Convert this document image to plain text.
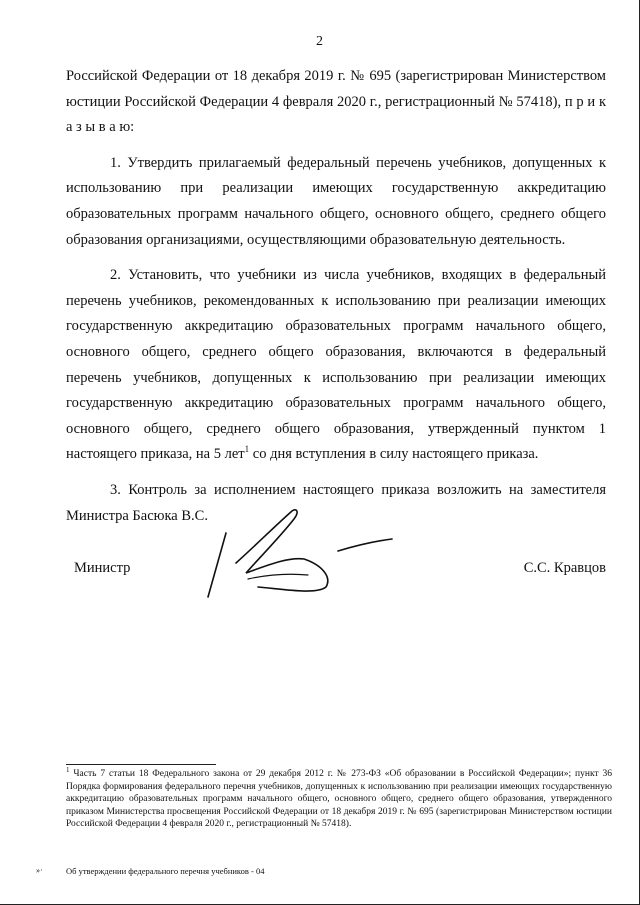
2

Российской Федерации от 18 декабря 2019 г. № 695 (зарегистрирован Министерством юстиции Российской Федерации 4 февраля 2020 г., регистрационный № 57418), п р и к а з ы в а ю:

1. Утвердить прилагаемый федеральный перечень учебников, допущенных к использованию при реализации имеющих государственную аккредитацию образовательных программ начального общего, основного общего, среднего общего образования организациями, осуществляющими образовательную деятельность.

2. Установить, что учебники из числа учебников, входящих в федеральный перечень учебников, рекомендованных к использованию при реализации имеющих государственную аккредитацию образовательных программ начального общего, основного общего, среднего общего образования, включаются в федеральный перечень учебников, допущенных к использованию при реализации имеющих государственную аккредитацию образовательных программ начального общего, основного общего, среднего общего образования, утвержденный пунктом 1 настоящего приказа, на 5 лет$^1$ со дня вступления в силу настоящего приказа.

3. Контроль за исполнением настоящего приказа возложить на заместителя Министра Басюка В.С.

Министр	С.С. Кравцов
$^1$ Часть 7 статьи 18 Федерального закона от 29 декабря 2012 г. № 273-ФЗ «Об образовании в Российской Федерации»; пункт 36 Порядка формирования федерального перечня учебников, допущенных к использованию при реализации имеющих государственную аккредитацию образовательных программ начального общего, основного общего, среднего общего образования, утвержденного приказом Министерства просвещения Российской Федерации от 18 декабря 2019 г. № 695 (зарегистрирован Министерством юстиции Российской Федерации 4 февраля 2020 г., регистрационный № 57418).
»·	Об утверждении федерального перечня учебников - 04
